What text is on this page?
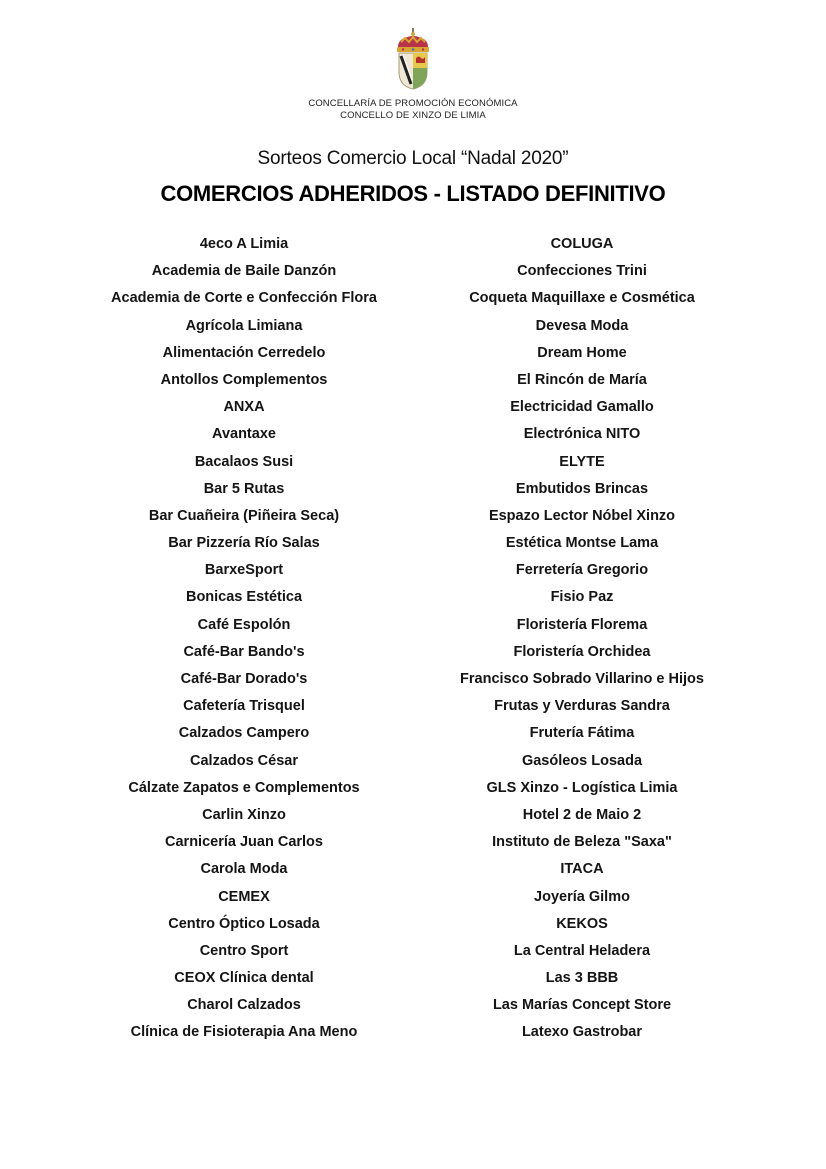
CONCELLARÍA DE PROMOCIÓN ECONÓMICA
CONCELLO DE XINZO DE LIMIA
Sorteos Comercio Local “Nadal 2020”
COMERCIOS ADHERIDOS - LISTADO DEFINITIVO
4eco A Limia
Academia de Baile Danzón
Academia de Corte e Confección Flora
Agrícola Limiana
Alimentación Cerredelo
Antollos Complementos
ANXA
Avantaxe
Bacalaos Susi
Bar 5 Rutas
Bar Cuañeira (Piñeira Seca)
Bar Pizzería Río Salas
BarxeSport
Bonicas Estética
Café Espolón
Café-Bar Bando's
Café-Bar Dorado's
Cafetería Trisquel
Calzados Campero
Calzados César
Cálzate Zapatos e Complementos
Carlin Xinzo
Carnicería Juan Carlos
Carola Moda
CEMEX
Centro Óptico Losada
Centro Sport
CEOX Clínica dental
Charol Calzados
Clínica de Fisioterapia Ana Meno
COLUGA
Confecciones Trini
Coqueta Maquillaxe e Cosmética
Devesa Moda
Dream Home
El Rincón de María
Electricidad Gamallo
Electrónica NITO
ELYTE
Embutidos Brincas
Espazo Lector Nóbel Xinzo
Estética Montse Lama
Ferretería Gregorio
Fisio Paz
Floristería Florema
Floristería Orchidea
Francisco Sobrado Villarino e Hijos
Frutas y Verduras Sandra
Frutería Fátima
Gasóleos Losada
GLS Xinzo - Logística Limia
Hotel 2 de Maio 2
Instituto de Beleza "Saxa"
ITACA
Joyería Gilmo
KEKOS
La Central Heladera
Las 3 BBB
Las Marías Concept Store
Latexo Gastrobar
